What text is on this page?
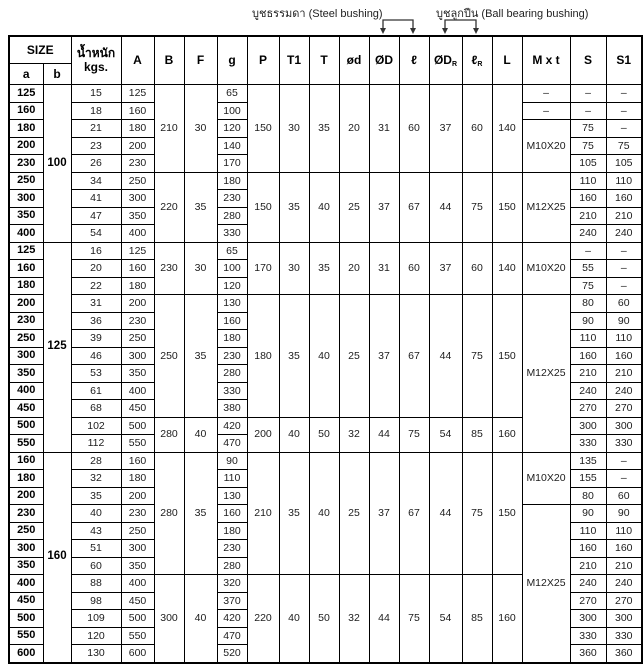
บูชธรรมดา (Steel bushing)	บูชลูกปืน (Ball bearing bushing)
SIZE		น้ำหนัก
kgs.	A	B	F	g	P	T1	T	ød	ØD	ℓ	$ØD_R$	ℓ$_R$	L	M x t	S	S1
a	b																	
125	100	15	125	210	30	65	150	30	35	20	31	60	37	60	140	–	–	–
160		18	160			100										–	–	–
180		21	180			120										M10X20	75	–
200		23	200			140											75	75
230		26	230			170											105	105
250		34	250	220	35	180	150	35	40	25	37	67	44	75	150	M12X25	110	110
300		41	300			230											160	160
350		47	350			280											210	210
400		54	400			330											240	240
125	125	16	125	230	30	65	170	30	35	20	31	60	37	60	140	M10X20	–	–
160		20	160			100											55	–
180		22	180			120											75	–
200		31	200	250	35	130	180	35	40	25	37	67	44	75	150	M12X25	80	60
230		36	230			160											90	90
250		39	250			180											110	110
300		46	300			230											160	160
350		53	350			280											210	210
400		61	400			330											240	240
450		68	450			380											270	270
500		102	500	280	40	420	200	40	50	32	44	75	54	85	160		300	300
550		112	550			470											330	330
160	160	28	160	280	35	90	210	35	40	25	37	67	44	75	150	M10X20	135	–
180		32	180			110											155	–
200		35	200			130											80	60
230		40	230			160										M12X25	90	90
250		43	250			180											110	110
300		51	300			230											160	160
350		60	350			280											210	210
400		88	400	300	40	320	220	40	50	32	44	75	54	85	160		240	240
450		98	450			370											270	270
500		109	500			420											300	300
550		120	550			470											330	330
600		130	600			520											360	360
